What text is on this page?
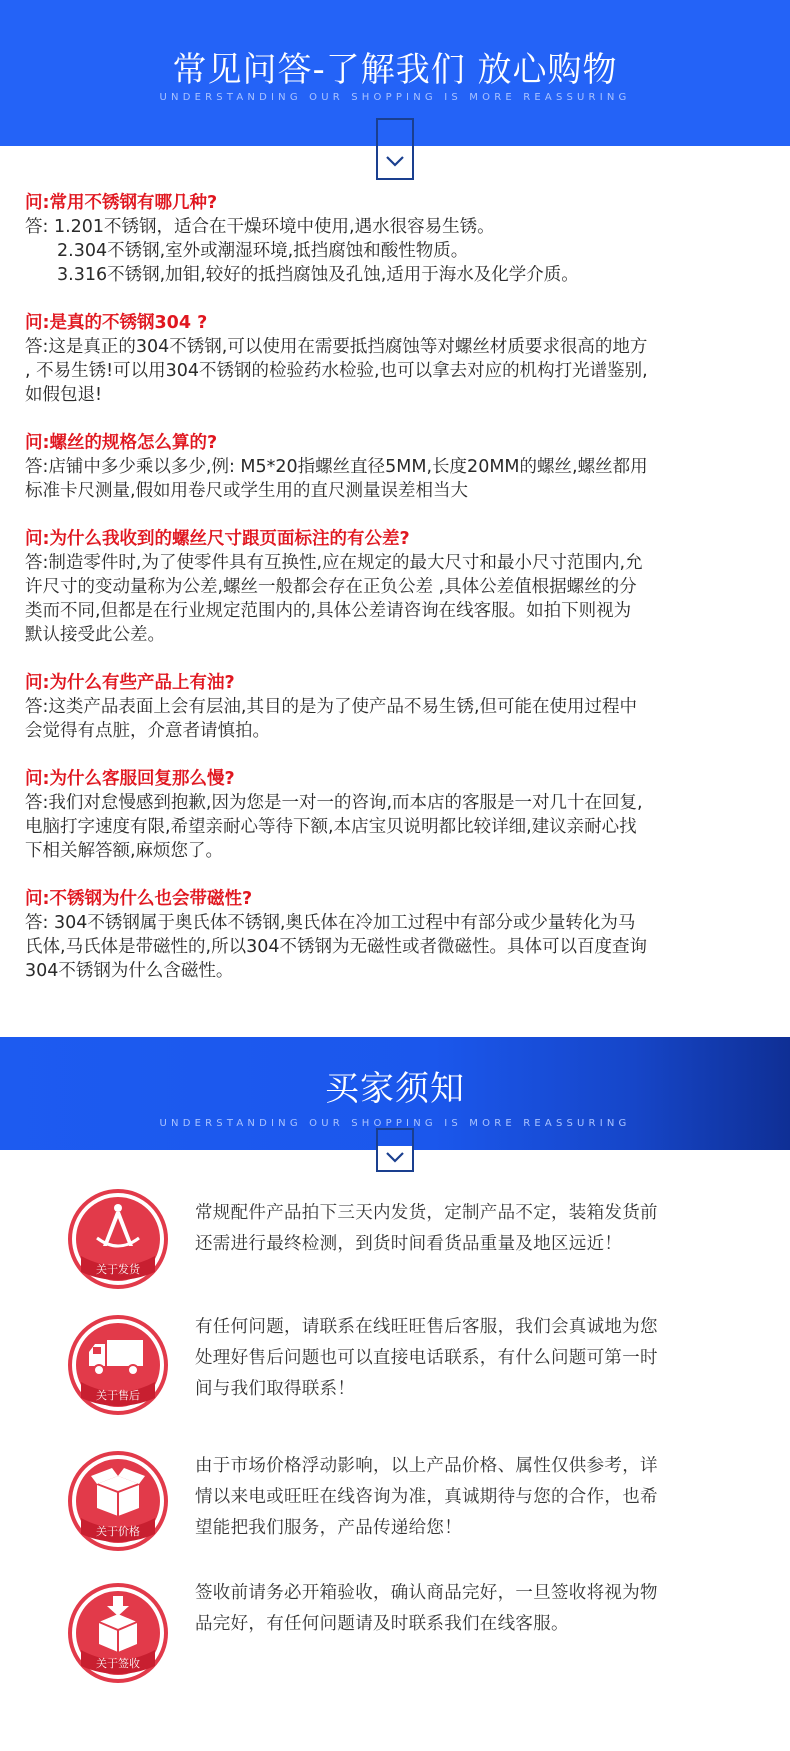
常见问答-了解我们 放心购物
UNDERSTANDING OUR SHOPPING IS MORE REASSURING
问:常用不锈钢有哪几种?
答: 1.201不锈钢，适合在干燥环境中使用,遇水很容易生锈。
2.304不锈钢,室外或潮湿环境,抵挡腐蚀和酸性物质。
3.316不锈钢,加钼,较好的抵挡腐蚀及孔蚀,适用于海水及化学介质。
问:是真的不锈钢304 ?
答:这是真正的304不锈钢,可以使用在需要抵挡腐蚀等对螺丝材质要求很高的地方
, 不易生锈!可以用304不锈钢的检验药水检验,也可以拿去对应的机构打光谱鉴别,
如假包退!
问:螺丝的规格怎么算的?
答:店铺中多少乘以多少,例: M5*20指螺丝直径5MM,长度20MM的螺丝,螺丝都用
标准卡尺测量,假如用卷尺或学生用的直尺测量误差相当大
问:为什么我收到的螺丝尺寸跟页面标注的有公差?
答:制造零件时,为了使零件具有互换性,应在规定的最大尺寸和最小尺寸范围内,允
许尺寸的变动量称为公差,螺丝一般都会存在正负公差 ,具体公差值根据螺丝的分
类而不同,但都是在行业规定范围内的,具体公差请咨询在线客服。如拍下则视为
默认接受此公差。
问:为什么有些产品上有油?
答:这类产品表面上会有层油,其目的是为了使产品不易生锈,但可能在使用过程中
会觉得有点脏，介意者请慎拍。
问:为什么客服回复那么慢?
答:我们对怠慢感到抱歉,因为您是一对一的咨询,而本店的客服是一对几十在回复,
电脑打字速度有限,希望亲耐心等待下额,本店宝贝说明都比较详细,建议亲耐心找
下相关解答额,麻烦您了。
问:不锈钢为什么也会带磁性?
答: 304不锈钢属于奥氏体不锈钢,奥氏体在冷加工过程中有部分或少量转化为马
氏体,马氏体是带磁性的,所以304不锈钢为无磁性或者微磁性。具体可以百度查询
304不锈钢为什么含磁性。
买家须知
UNDERSTANDING OUR SHOPPING IS MORE REASSURING
关于发货
常规配件产品拍下三天内发货，定制产品不定，装箱发货前
还需进行最终检测，到货时间看货品重量及地区远近！
关于售后
有任何问题，请联系在线旺旺售后客服，我们会真诚地为您
处理好售后问题也可以直接电话联系，有什么问题可第一时
间与我们取得联系！
关于价格
由于市场价格浮动影响，以上产品价格、属性仅供参考，详
情以来电或旺旺在线咨询为准，真诚期待与您的合作，也希
望能把我们服务，产品传递给您！
关于签收
签收前请务必开箱验收，确认商品完好，一旦签收将视为物
品完好，有任何问题请及时联系我们在线客服。
